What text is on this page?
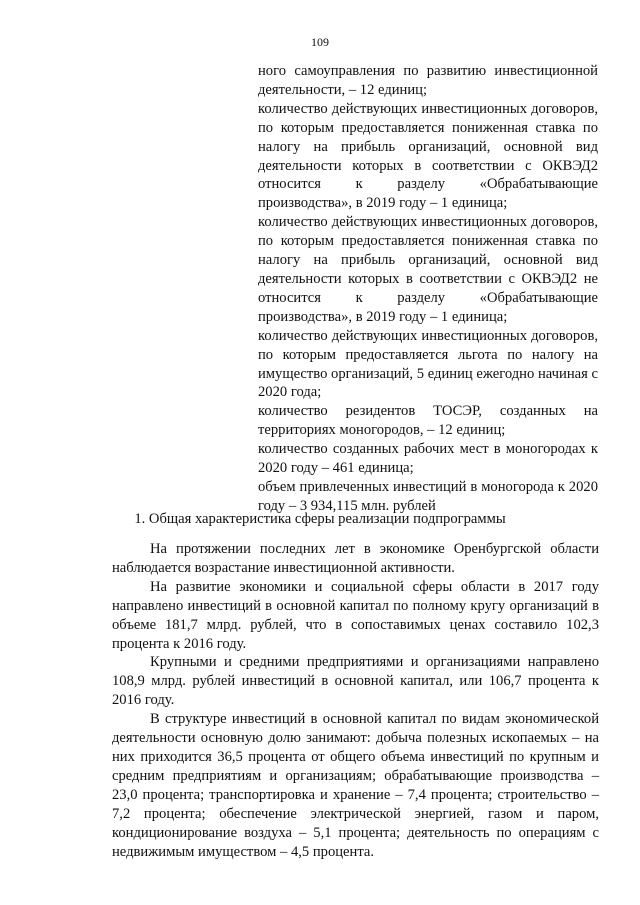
109

ного самоуправления по развитию инвестиционной деятельности, – 12 единиц;

количество действующих инвестиционных договоров, по которым предоставляется пониженная ставка по налогу на прибыль организаций, основной вид деятельности которых в соответствии с ОКВЭД2 относится к разделу «Обрабатывающие производства», в 2019 году – 1 единица;

количество действующих инвестиционных договоров, по которым предоставляется пониженная ставка по налогу на прибыль организаций, основной вид деятельности которых в соответствии с ОКВЭД2 не относится к разделу «Обрабатывающие производства», в 2019 году – 1 единица;

количество действующих инвестиционных договоров, по которым предоставляется льгота по налогу на имущество организаций, 5 единиц ежегодно начиная с 2020 года;

количество резидентов ТОСЭР, созданных на территориях моногородов, – 12 единиц;

количество созданных рабочих мест в моногородах к 2020 году – 461 единица;

объем привлеченных инвестиций в моногорода к 2020 году – 3 934,115 млн. рублей

1. Общая характеристика сферы реализации подпрограммы

На протяжении последних лет в экономике Оренбургской области наблюдается возрастание инвестиционной активности.

На развитие экономики и социальной сферы области в 2017 году направлено инвестиций в основной капитал по полному кругу организаций в объеме 181,7 млрд. рублей, что в сопоставимых ценах составило 102,3 процента к 2016 году.

Крупными и средними предприятиями и организациями направлено 108,9 млрд. рублей инвестиций в основной капитал, или 106,7 процента к 2016 году.

В структуре инвестиций в основной капитал по видам экономической деятельности основную долю занимают: добыча полезных ископаемых – на них приходится 36,5 процента от общего объема инвестиций по крупным и средним предприятиям и организациям; обрабатывающие производства – 23,0 процента; транспортировка и хранение – 7,4 процента; строительство – 7,2 процента; обеспечение электрической энергией, газом и паром, кондиционирование воздуха – 5,1 процента; деятельность по операциям с недвижимым имуществом – 4,5 процента.
